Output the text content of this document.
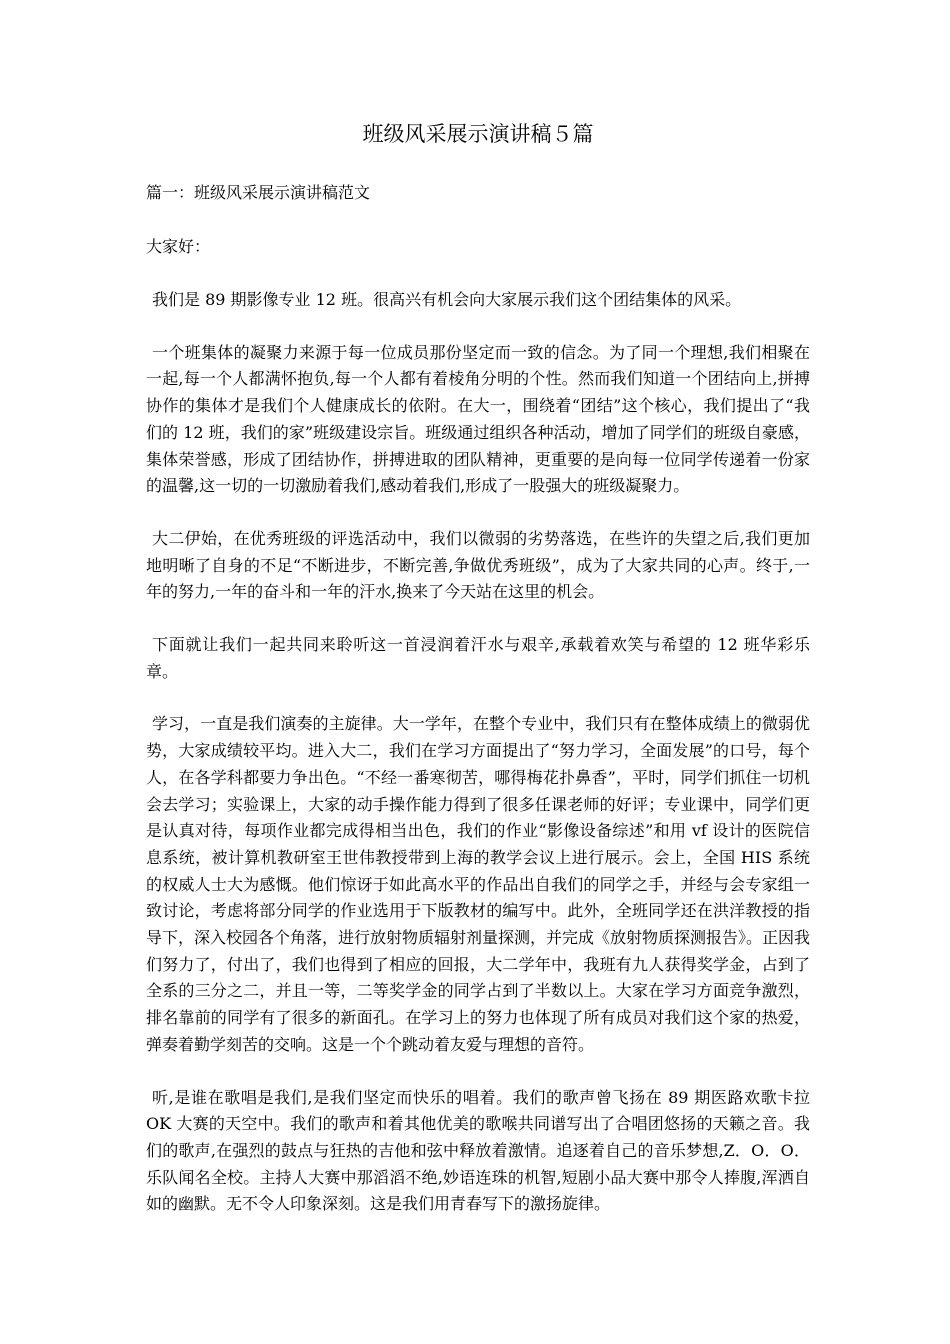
班级风采展示演讲稿５篇

篇一：班级风采展示演讲稿范文

大家好：

我们是 89 期影像专业 12 班。很高兴有机会向大家展示我们这个团结集体的风采。

一个班集体的凝聚力来源于每一位成员那份坚定而一致的信念。为了同一个理想,我们相聚在一起,每一个人都满怀抱负,每一个人都有着棱角分明的个性。然而我们知道一个团结向上,拼搏协作的集体才是我们个人健康成长的依附。在大一，围绕着“团结”这个核心，我们提出了“我们的 12 班，我们的家”班级建设宗旨。班级通过组织各种活动，增加了同学们的班级自豪感，集体荣誉感，形成了团结协作，拼搏进取的团队精神，更重要的是向每一位同学传递着一份家的温馨,这一切的一切激励着我们,感动着我们,形成了一股强大的班级凝聚力。

大二伊始，在优秀班级的评选活动中，我们以微弱的劣势落选，在些许的失望之后,我们更加地明晰了自身的不足“不断进步，不断完善,争做优秀班级”，成为了大家共同的心声。终于,一年的努力,一年的奋斗和一年的汗水,换来了今天站在这里的机会。

下面就让我们一起共同来聆听这一首浸润着汗水与艰辛,承载着欢笑与希望的 12 班华彩乐章。

学习，一直是我们演奏的主旋律。大一学年，在整个专业中，我们只有在整体成绩上的微弱优势，大家成绩较平均。进入大二，我们在学习方面提出了“努力学习，全面发展”的口号，每个人，在各学科都要力争出色。“不经一番寒彻苦，哪得梅花扑鼻香”，平时，同学们抓住一切机会去学习；实验课上，大家的动手操作能力得到了很多任课老师的好评；专业课中，同学们更是认真对待，每项作业都完成得相当出色，我们的作业“影像设备综述”和用 vf 设计的医院信息系统，被计算机教研室王世伟教授带到上海的教学会议上进行展示。会上，全国 HIS 系统的权威人士大为感慨。他们惊讶于如此高水平的作品出自我们的同学之手，并经与会专家组一致讨论，考虑将部分同学的作业选用于下版教材的编写中。此外，全班同学还在洪洋教授的指导下，深入校园各个角落，进行放射物质辐射剂量探测，并完成《放射物质探测报告》。正因我们努力了，付出了，我们也得到了相应的回报，大二学年中，我班有九人获得奖学金，占到了全系的三分之二，并且一等，二等奖学金的同学占到了半数以上。大家在学习方面竞争激烈，排名靠前的同学有了很多的新面孔。在学习上的努力也体现了所有成员对我们这个家的热爱，弹奏着勤学刻苦的交响。这是一个个跳动着友爱与理想的音符。

听,是谁在歌唱是我们,是我们坚定而快乐的唱着。我们的歌声曾飞扬在 89 期医路欢歌卡拉 OK 大赛的天空中。我们的歌声和着其他优美的歌喉共同谱写出了合唱团悠扬的天籁之音。我们的歌声,在强烈的鼓点与狂热的吉他和弦中释放着激情。追逐着自己的音乐梦想,Z．O．O．乐队闻名全校。主持人大赛中那滔滔不绝,妙语连珠的机智,短剧小品大赛中那令人捧腹,浑洒自如的幽默。无不令人印象深刻。这是我们用青春写下的激扬旋律。
